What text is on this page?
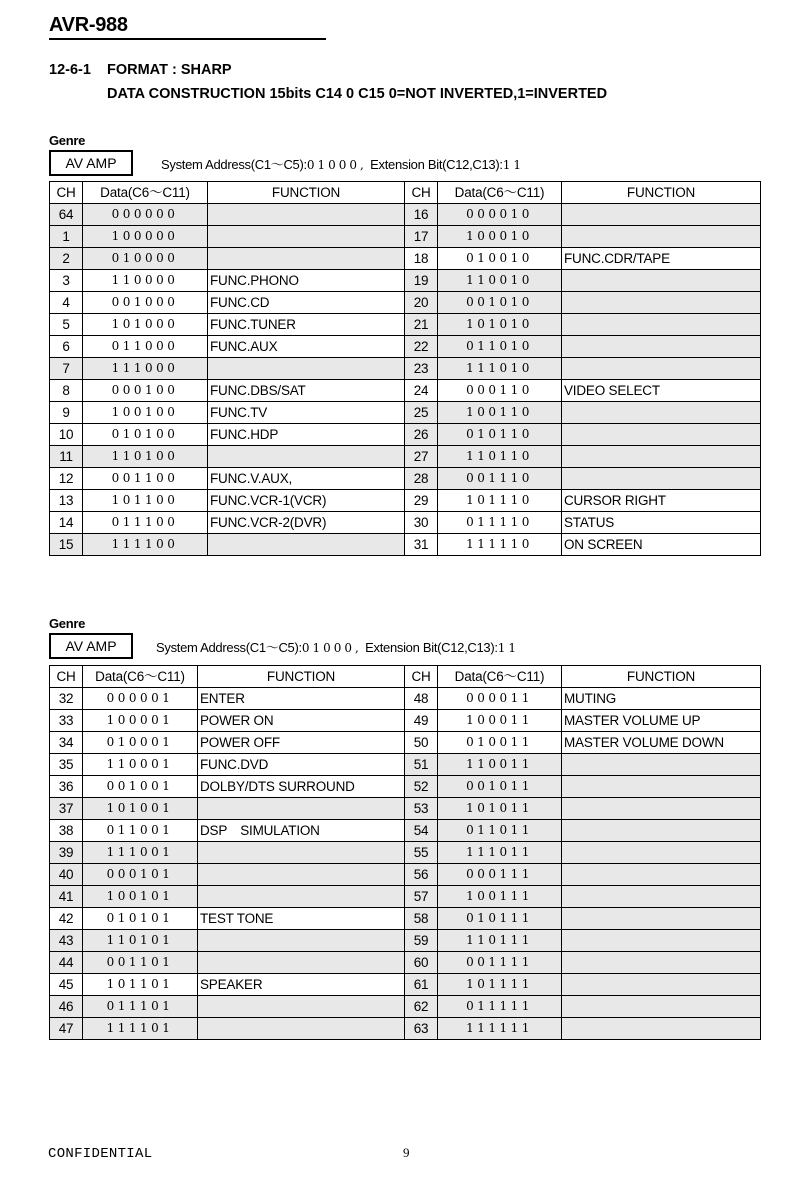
AVR-988
12-6-1 FORMAT : SHARP
DATA CONSTRUCTION 15bits C14 0 C15 0=NOT INVERTED,1=INVERTED
Genre
AV AMP	System Address(C1～C5):01000, Extension Bit(C12,C13):11
CH	Data(C6～C11)	FUNCTION	CH	Data(C6～C11)	FUNCTION
64	000000		16	000010	
1	100000		17	100010	
2	010000		18	010010	FUNC.CDR/TAPE
3	110000	FUNC.PHONO	19	110010	
4	001000	FUNC.CD	20	001010	
5	101000	FUNC.TUNER	21	101010	
6	011000	FUNC.AUX	22	011010	
7	111000		23	111010	
8	000100	FUNC.DBS/SAT	24	000110	VIDEO SELECT
9	100100	FUNC.TV	25	100110	
10	010100	FUNC.HDP	26	010110	
11	110100		27	110110	
12	001100	FUNC.V.AUX,	28	001110	
13	101100	FUNC.VCR-1(VCR)	29	101110	CURSOR RIGHT
14	011100	FUNC.VCR-2(DVR)	30	011110	STATUS
15	111100		31	111110	ON SCREEN
Genre
AV AMP	System Address(C1～C5):01000, Extension Bit(C12,C13):11
CH	Data(C6～C11)	FUNCTION	CH	Data(C6～C11)	FUNCTION
32	000001	ENTER	48	000011	MUTING
33	100001	POWER ON	49	100011	MASTER VOLUME UP
34	010001	POWER OFF	50	010011	MASTER VOLUME DOWN
35	110001	FUNC.DVD	51	110011	
36	001001	DOLBY/DTS SURROUND	52	001011	
37	101001		53	101011	
38	011001	DSP　SIMULATION	54	011011	
39	111001		55	111011	
40	000101		56	000111	
41	100101		57	100111	
42	010101	TEST TONE	58	010111	
43	110101		59	110111	
44	001101		60	001111	
45	101101	SPEAKER	61	101111	
46	011101		62	011111	
47	111101		63	111111	
CONFIDENTIAL	9
